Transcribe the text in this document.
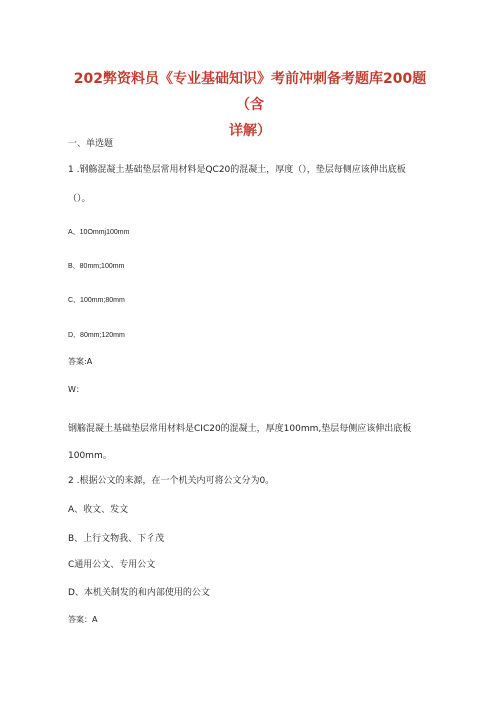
202弊资料员《专业基础知识》考前冲刺备考题库200题（含
详解）
一、单选题
1 .钢觞混凝土基础垫层常用材料是QC20的混凝土，厚度（），垫层每侧应该伸出底板
（）。
A、10Ommj100mm
B、80mm;100mm
C、100mm;80mm
D、80mm;120mm
答案:A
W：
钢觞混凝土基础垫层常用材料是CIC20的混凝土，厚度100mm,垫层每侧应该伸出底板
100mm。
2 .根据公文的来源，在一个机关内可将公文分为0。
A、收文、发文
B、上行文物我、下彳茂
C通用公文、专用公文
D、本机关制发的和内部使用的公文
答案：A
